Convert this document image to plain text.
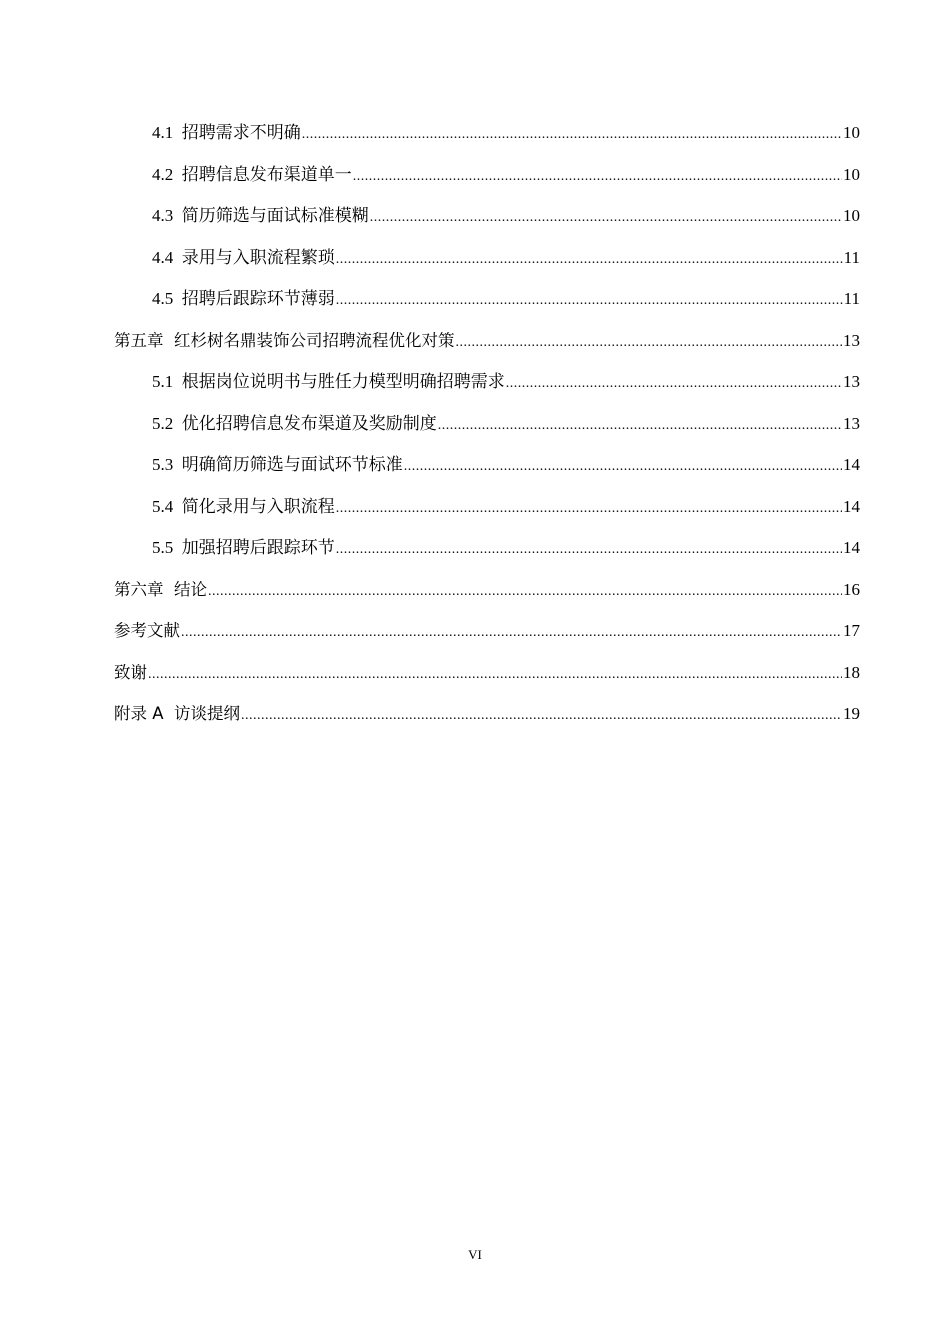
4.1 招聘需求不明确 .....	10
4.2 招聘信息发布渠道单一 .....	10
4.3 简历筛选与面试标准模糊 .....	10
4.4 录用与入职流程繁琐 .....	11
4.5 招聘后跟踪环节薄弱 .....	11
第五章 红杉树名鼎装饰公司招聘流程优化对策 .....	13
5.1 根据岗位说明书与胜任力模型明确招聘需求 .....	13
5.2 优化招聘信息发布渠道及奖励制度 .....	13
5.3 明确简历筛选与面试环节标准 .....	14
5.4 简化录用与入职流程 .....	14
5.5 加强招聘后跟踪环节 .....	14
第六章 结论 .....	16
参考文献 .....	17
致谢 .....	18
附录 A 访谈提纲 .....	19
VI
